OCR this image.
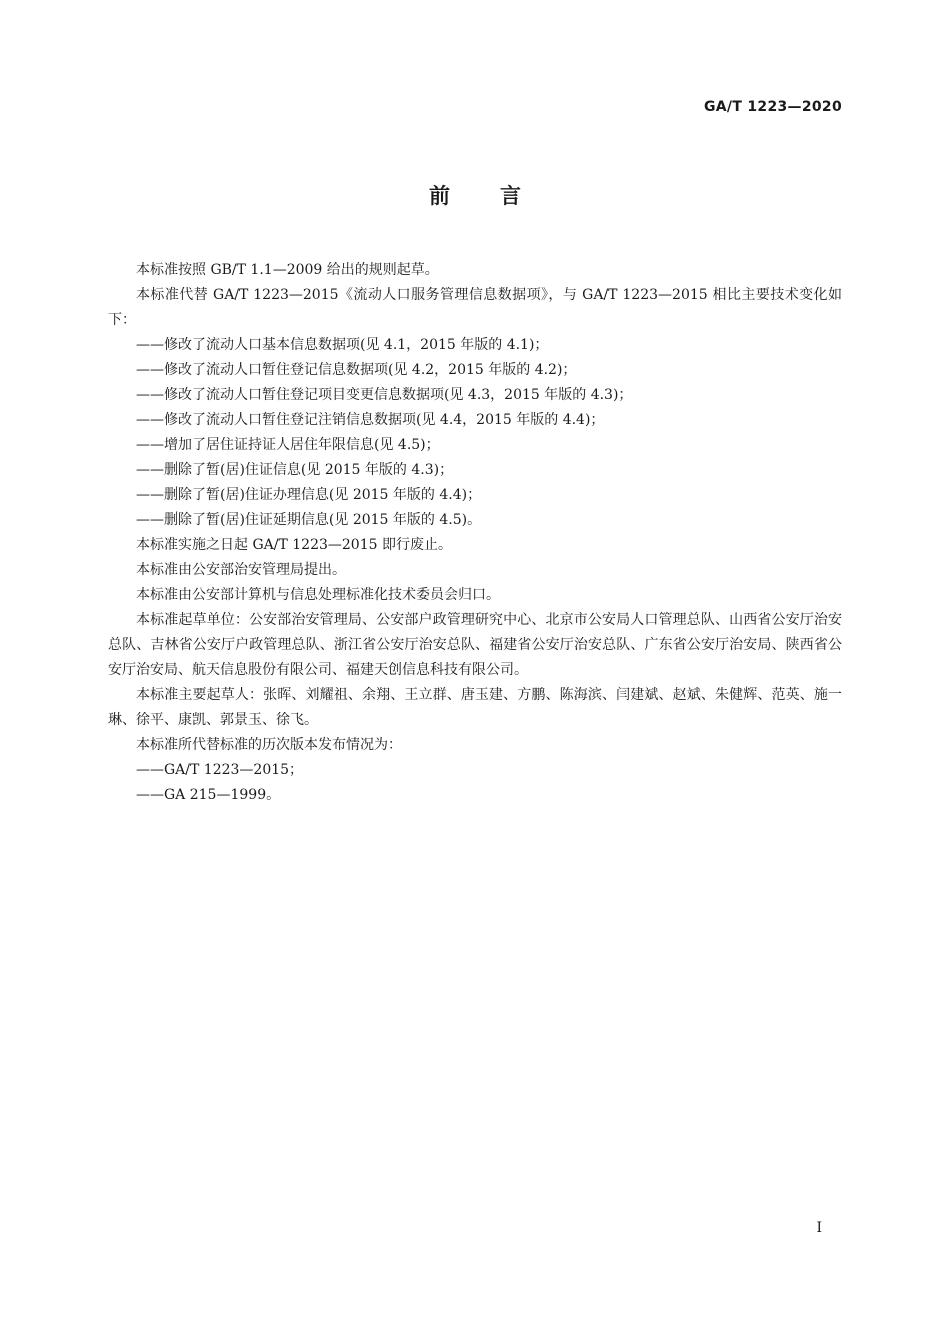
GA/T 1223—2020
前言

本标准按照 GB/T 1.1—2009 给出的规则起草。

本标准代替 GA/T 1223—2015《流动人口服务管理信息数据项》，与 GA/T 1223—2015 相比主要技术变化如下：

——修改了流动人口基本信息数据项(见 4.1，2015 年版的 4.1)；

——修改了流动人口暂住登记信息数据项(见 4.2，2015 年版的 4.2)；

——修改了流动人口暂住登记项目变更信息数据项(见 4.3，2015 年版的 4.3)；

——修改了流动人口暂住登记注销信息数据项(见 4.4，2015 年版的 4.4)；

——增加了居住证持证人居住年限信息(见 4.5)；

——删除了暂(居)住证信息(见 2015 年版的 4.3)；

——删除了暂(居)住证办理信息(见 2015 年版的 4.4)；

——删除了暂(居)住证延期信息(见 2015 年版的 4.5)。

本标准实施之日起 GA/T 1223—2015 即行废止。

本标准由公安部治安管理局提出。

本标准由公安部计算机与信息处理标准化技术委员会归口。

本标准起草单位：公安部治安管理局、公安部户政管理研究中心、北京市公安局人口管理总队、山西省公安厅治安总队、吉林省公安厅户政管理总队、浙江省公安厅治安总队、福建省公安厅治安总队、广东省公安厅治安局、陕西省公安厅治安局、航天信息股份有限公司、福建天创信息科技有限公司。

本标准主要起草人：张晖、刘耀祖、余翔、王立群、唐玉建、方鹏、陈海滨、闫建斌、赵斌、朱健辉、范英、施一琳、徐平、康凯、郭景玉、徐飞。

本标准所代替标准的历次版本发布情况为：

——GA/T 1223—2015；

——GA 215—1999。

I
